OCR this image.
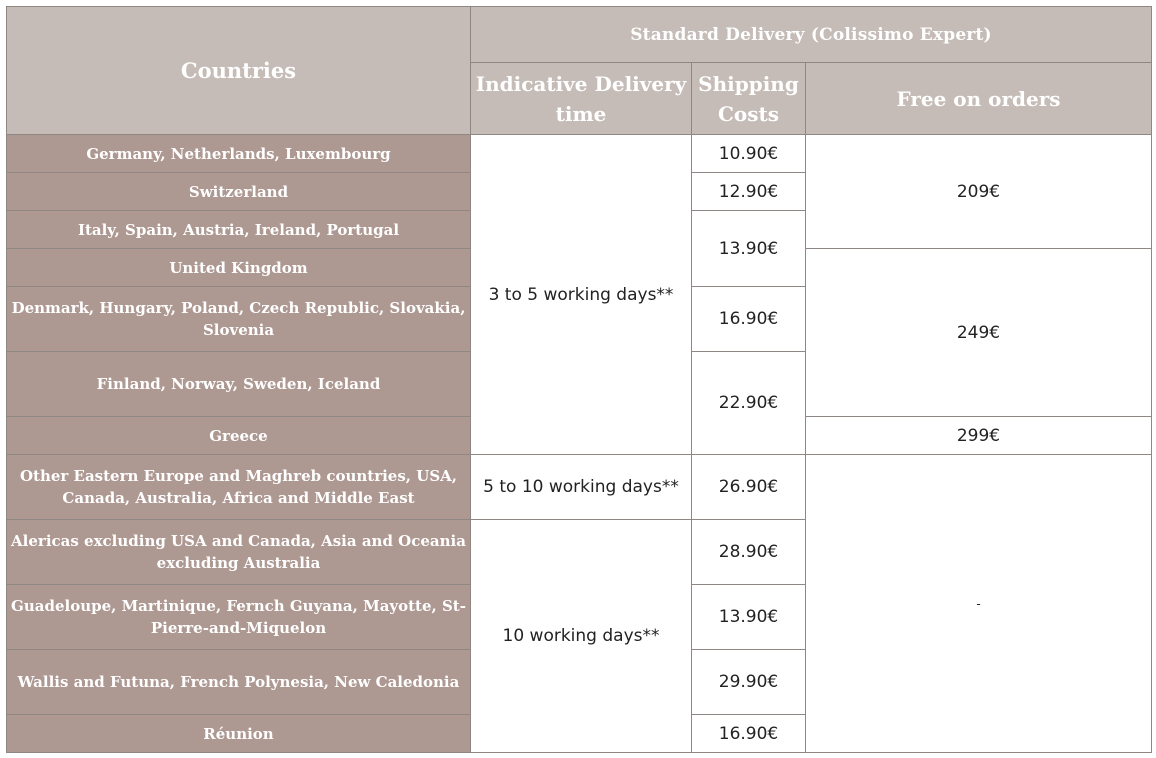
Countries	Standard Delivery (Colissimo Expert)		
	Indicative Delivery time	Shipping Costs	Free on orders
Germany, Netherlands, Luxembourg	3 to 5 working days**	10.90€	209€
Switzerland		12.90€	
Italy, Spain, Austria, Ireland, Portugal		13.90€	
United Kingdom			249€
Denmark, Hungary, Poland, Czech Republic, Slovakia, Slovenia		16.90€	
Finland, Norway, Sweden, Iceland		22.90€	
Greece			299€
Other Eastern Europe and Maghreb countries, USA, Canada, Australia, Africa and Middle East	5 to 10 working days**	26.90€	-
Alericas excluding USA and Canada, Asia and Oceania excluding Australia	10 working days**	28.90€	
Guadeloupe, Martinique, Fernch Guyana, Mayotte, St-Pierre-and-Miquelon		13.90€	
Wallis and Futuna, French Polynesia, New Caledonia		29.90€	
Réunion		16.90€	
